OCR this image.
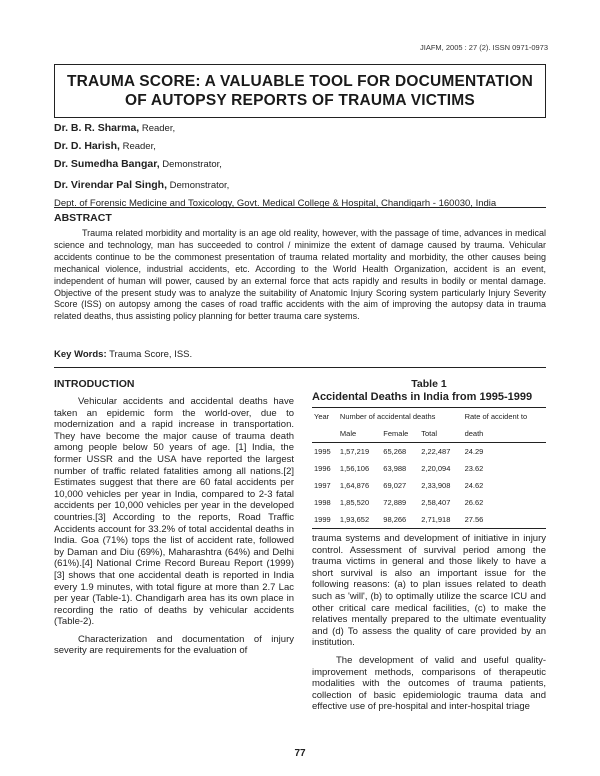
JIAFM, 2005 : 27 (2). ISSN 0971-0973
TRAUMA SCORE: A VALUABLE TOOL FOR DOCUMENTATION
OF AUTOPSY REPORTS OF TRAUMA VICTIMS
Dr. B. R. Sharma, Reader,
Dr. D. Harish, Reader,
Dr. Sumedha Bangar, Demonstrator,
Dr. Virendar Pal Singh, Demonstrator,
Dept. of Forensic Medicine and Toxicology, Govt. Medical College & Hospital, Chandigarh - 160030, India
ABSTRACT
Trauma related morbidity and mortality is an age old reality, however, with the passage of time, advances in medical science and technology, man has succeeded to control / minimize the extent of damage caused by trauma. Vehicular accidents continue to be the commonest presentation of trauma related mortality and morbidity, the other causes being mechanical violence, industrial accidents, etc. According to the World Health Organization, accident is an event, independent of human will power, caused by an external force that acts rapidly and results in bodily or mental damage. Objective of the present study was to analyze the suitability of Anatomic Injury Scoring system particularly Injury Severity Score (ISS) on autopsy among the cases of road traffic accidents with the aim of improving the autopsy data in trauma related deaths, thus assisting policy planning for better trauma care systems.
Key Words: Trauma Score, ISS.
INTRODUCTION

Vehicular accidents and accidental deaths have taken an epidemic form the world-over, due to modernization and a rapid increase in transportation. They have become the major cause of trauma death among people below 50 years of age. [1] India, the former USSR and the USA have reported the largest number of traffic related fatalities among all nations.[2] Estimates suggest that there are 60 fatal accidents per 10,000 vehicles per year in India, compared to 2-3 fatal accidents per 10,000 vehicles per year in the developed countries.[3] According to the reports, Road Traffic Accidents account for 33.2% of total accidental deaths in India. Goa (71%) tops the list of accident rate, followed by Daman and Diu (69%), Maharashtra (64%) and Delhi (61%).[4] National Crime Record Bureau Report (1999)[3] shows that one accidental death is reported in India every 1.9 minutes, with total figure at more than 2.7 Lac per year (Table-1). Chandigarh area has its own place in recording the ratio of deaths by vehicular accidents (Table-2).

Characterization and documentation of injury severity are requirements for the evaluation of

Table 1
Accidental Deaths in India from 1995-1999
Year	Number of accidental deaths			Rate of accident to
	Male	Female	Total	death
1995	1,57,219	65,268	2,22,487	24.29
1996	1,56,106	63,988	2,20,094	23.62
1997	1,64,876	69,027	2,33,908	24.62
1998	1,85,520	72,889	2,58,407	26.62
1999	1,93,652	98,266	2,71,918	27.56

trauma systems and development of initiative in injury control. Assessment of survival period among the trauma victims in general and those likely to have a short survival is also an important issue for the following reasons: (a) to plan issues related to death such as 'will', (b) to optimally utilize the scarce ICU and other critical care medical facilities, (c) to make the relatives mentally prepared to the ultimate eventuality and (d) To assess the quality of care provided by an institution.

The development of valid and useful quality-improvement methods, comparisons of therapeutic modalities with the outcomes of trauma patients, collection of basic epidemiologic trauma data and effective use of pre-hospital and inter-hospital triage

77
